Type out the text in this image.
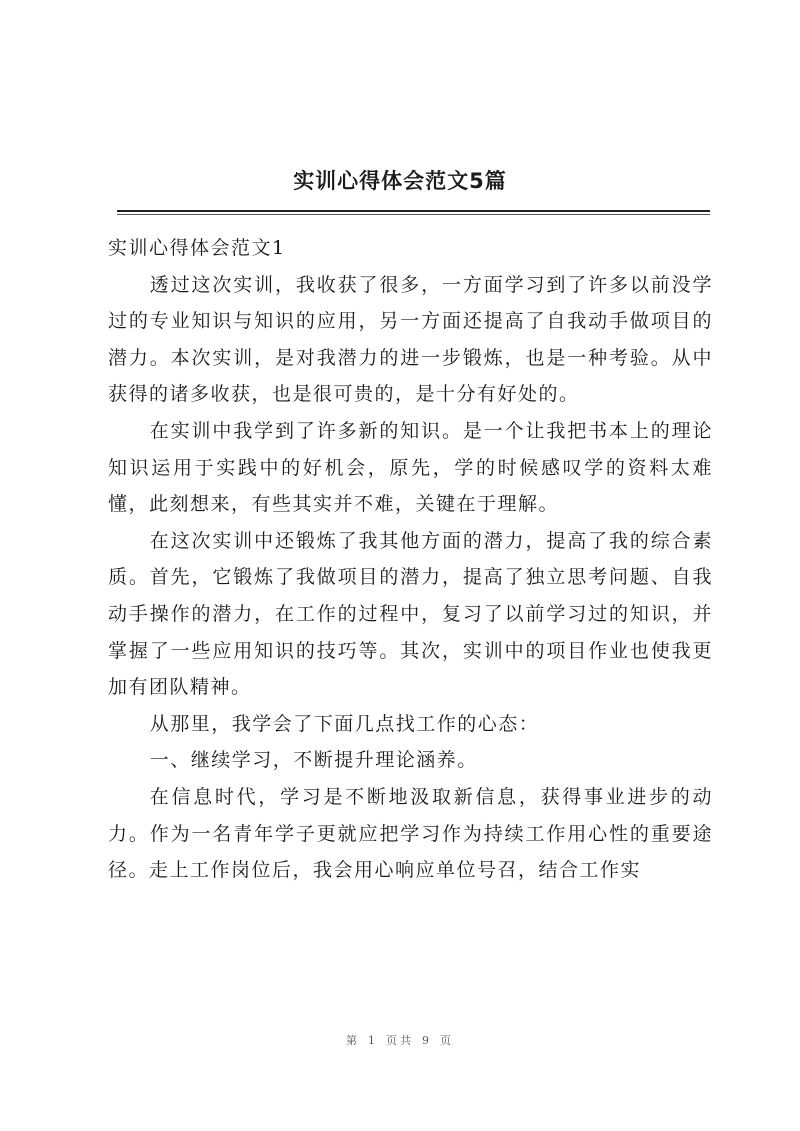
实训心得体会范文5篇

实训心得体会范文1

透过这次实训，我收获了很多，一方面学习到了许多以前没学过的专业知识与知识的应用，另一方面还提高了自我动手做项目的潜力。本次实训，是对我潜力的进一步锻炼，也是一种考验。从中获得的诸多收获，也是很可贵的，是十分有好处的。

在实训中我学到了许多新的知识。是一个让我把书本上的理论知识运用于实践中的好机会，原先，学的时候感叹学的资料太难懂，此刻想来，有些其实并不难，关键在于理解。

在这次实训中还锻炼了我其他方面的潜力，提高了我的综合素质。首先，它锻炼了我做项目的潜力，提高了独立思考问题、自我动手操作的潜力，在工作的过程中，复习了以前学习过的知识，并掌握了一些应用知识的技巧等。其次，实训中的项目作业也使我更加有团队精神。

从那里，我学会了下面几点找工作的心态：

一、继续学习，不断提升理论涵养。

在信息时代，学习是不断地汲取新信息，获得事业进步的动力。作为一名青年学子更就应把学习作为持续工作用心性的重要途径。走上工作岗位后，我会用心响应单位号召，结合工作实

第 1 页共 9 页
